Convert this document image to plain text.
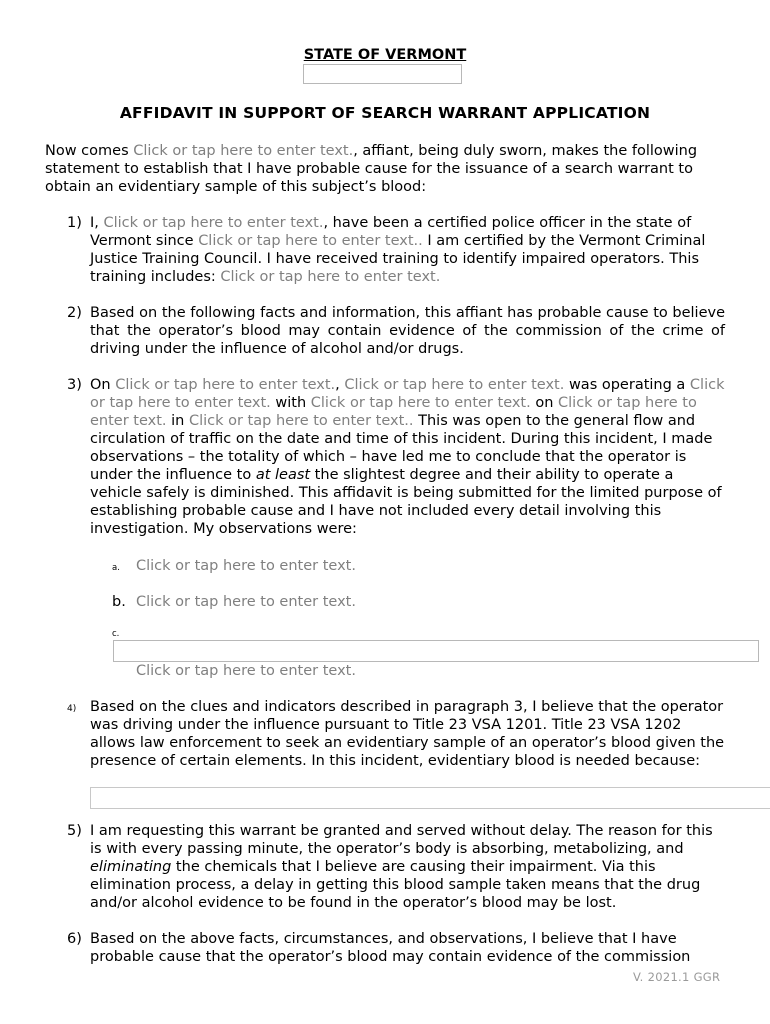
STATE OF VERMONT
AFFIDAVIT IN SUPPORT OF SEARCH WARRANT APPLICATION
Now comes Click or tap here to enter text., affiant, being duly sworn, makes the following statement to establish that I have probable cause for the issuance of a search warrant to obtain an evidentiary sample of this subject’s blood:
1) I, Click or tap here to enter text., have been a certified police officer in the state of Vermont since Click or tap here to enter text.. I am certified by the Vermont Criminal Justice Training Council. I have received training to identify impaired operators. This training includes: Click or tap here to enter text.
2) Based on the following facts and information, this affiant has probable cause to believe that the operator’s blood may contain evidence of the commission of the crime of driving under the influence of alcohol and/or drugs.
3) On Click or tap here to enter text., Click or tap here to enter text. was operating a Click or tap here to enter text. with Click or tap here to enter text. on Click or tap here to enter text. in Click or tap here to enter text.. This was open to the general flow and circulation of traffic on the date and time of this incident. During this incident, I made observations – the totality of which – have led me to conclude that the operator is under the influence to at least the slightest degree and their ability to operate a vehicle safely is diminished. This affidavit is being submitted for the limited purpose of establishing probable cause and I have not included every detail involving this investigation. My observations were:
a. Click or tap here to enter text.
b. Click or tap here to enter text.
c.
Click or tap here to enter text.
4) Based on the clues and indicators described in paragraph 3, I believe that the operator was driving under the influence pursuant to Title 23 VSA 1201. Title 23 VSA 1202 allows law enforcement to seek an evidentiary sample of an operator’s blood given the presence of certain elements. In this incident, evidentiary blood is needed because:
5) I am requesting this warrant be granted and served without delay. The reason for this is with every passing minute, the operator’s body is absorbing, metabolizing, and eliminating the chemicals that I believe are causing their impairment. Via this elimination process, a delay in getting this blood sample taken means that the drug and/or alcohol evidence to be found in the operator’s blood may be lost.
6) Based on the above facts, circumstances, and observations, I believe that I have probable cause that the operator’s blood may contain evidence of the commission
V. 2021.1 GGR
